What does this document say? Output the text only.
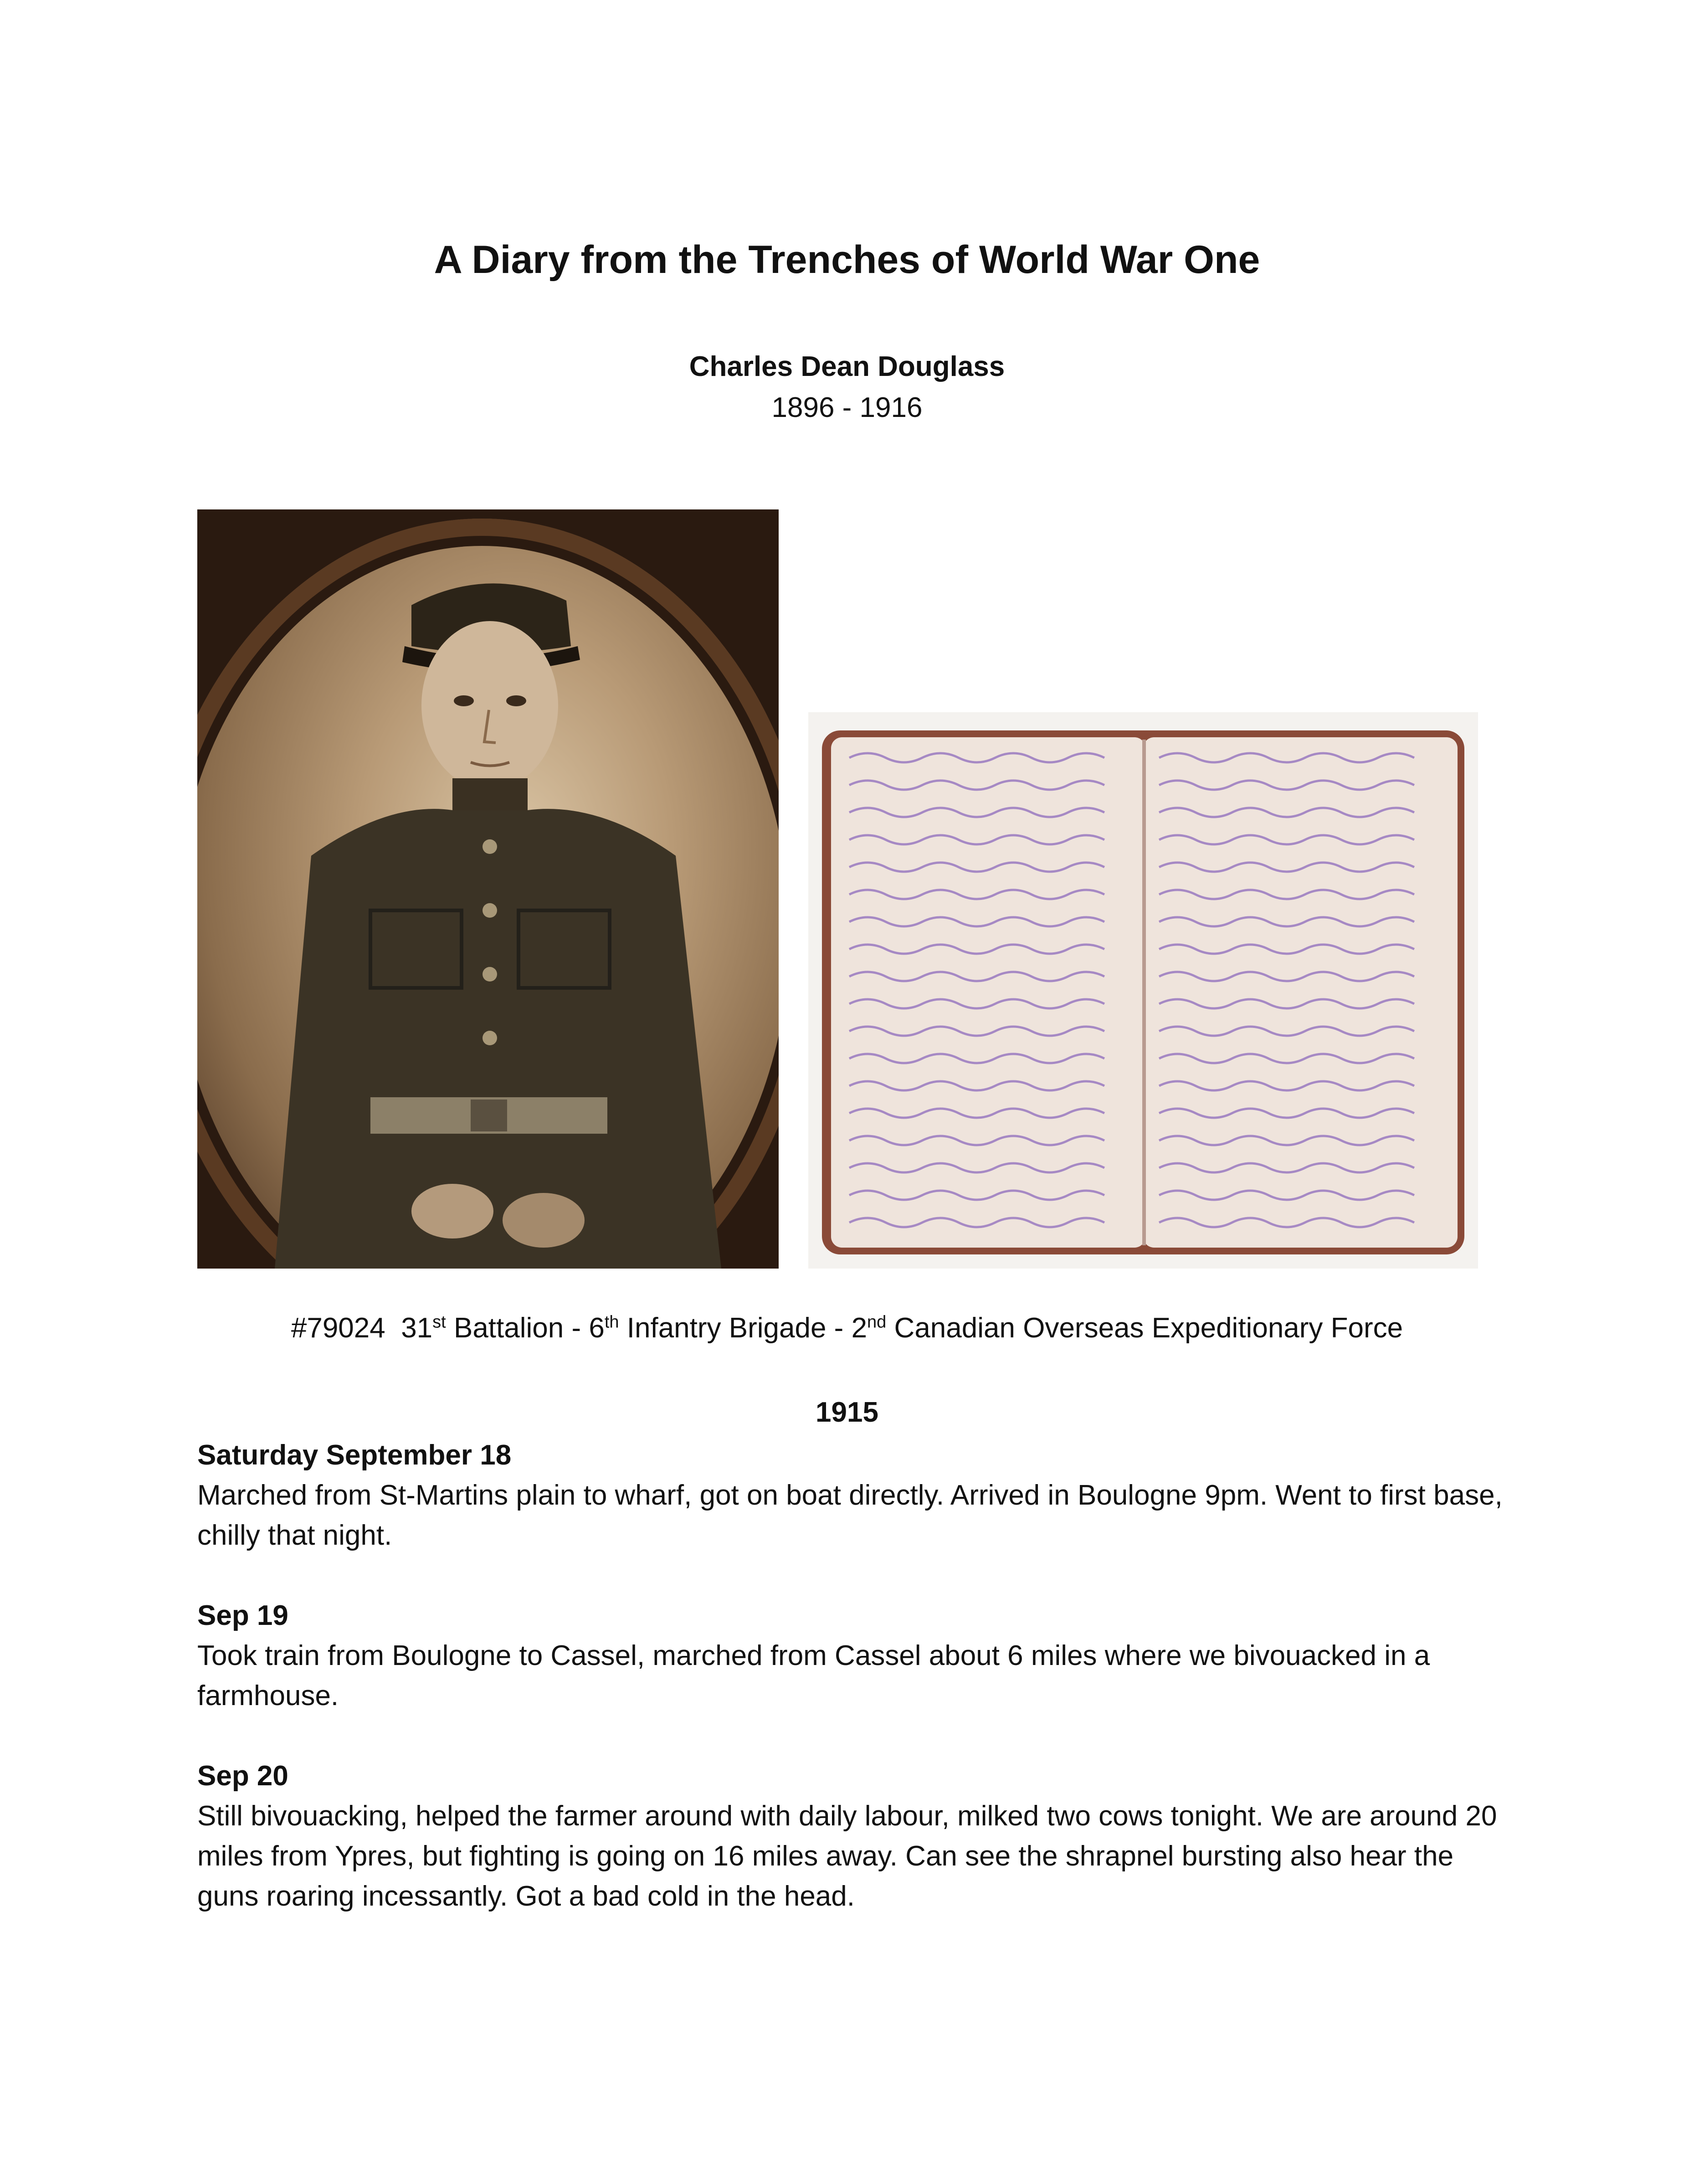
A Diary from the Trenches of World War One
Charles Dean Douglass
1896 - 1916
#79024 31st Battalion - 6th Infantry Brigade - 2nd Canadian Overseas Expeditionary Force
1915
Saturday September 18
Marched from St-Martins plain to wharf, got on boat directly. Arrived in Boulogne 9pm. Went to first base, chilly that night.
Sep 19
Took train from Boulogne to Cassel, marched from Cassel about 6 miles where we bivouacked in a farmhouse.
Sep 20
Still bivouacking, helped the farmer around with daily labour, milked two cows tonight. We are around 20 miles from Ypres, but fighting is going on 16 miles away. Can see the shrapnel bursting also hear the guns roaring incessantly. Got a bad cold in the head.
